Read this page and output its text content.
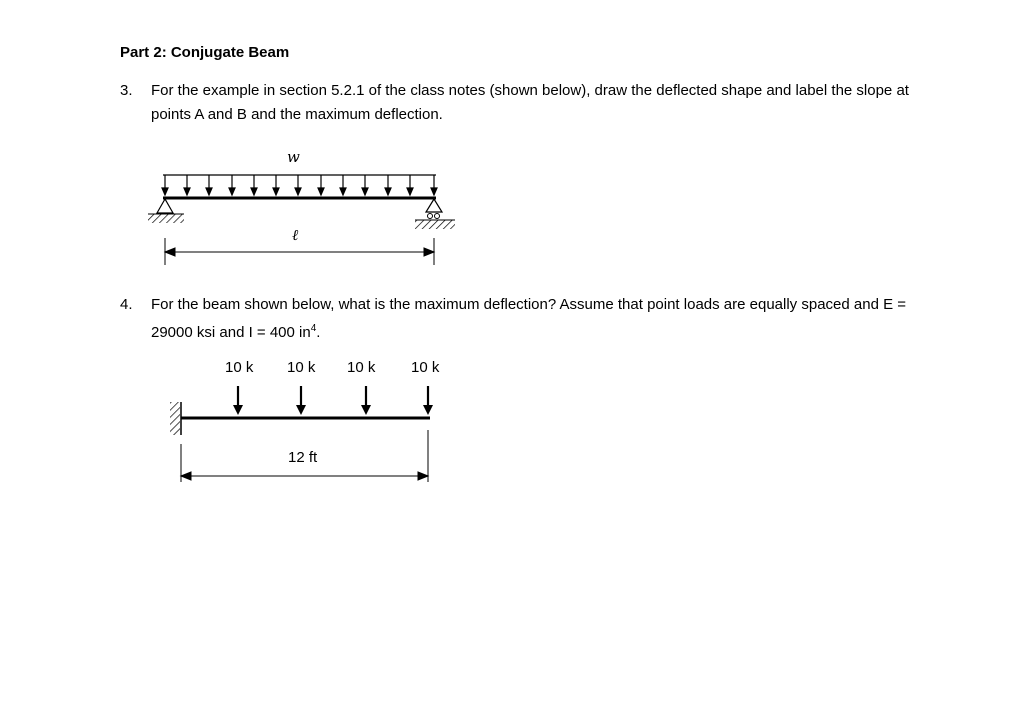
Part 2: Conjugate Beam
3. For the example in section 5.2.1 of the class notes (shown below), draw the deflected shape and label the slope at points A and B and the maximum deflection.
w
ℓ
4. For the beam shown below, what is the maximum deflection? Assume that point loads are equally spaced and E = 29000 ksi and I = 400 $in^4$.
10 k 10 k 10 k 10 k
12 ft
